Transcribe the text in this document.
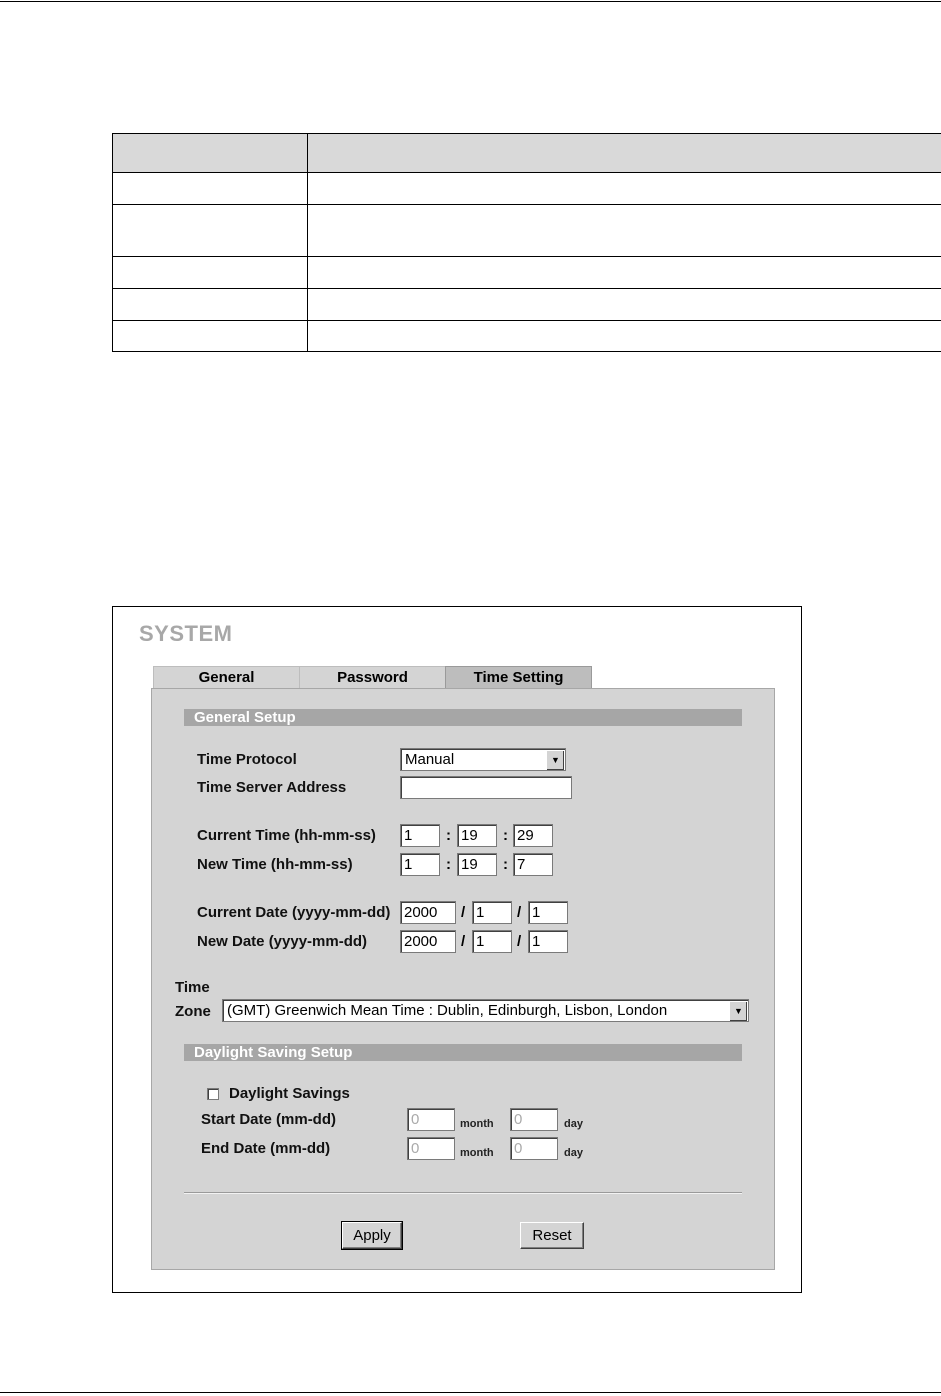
SYSTEM
General	Password	Time Setting
General Setup
Time Protocol	Manual	▼
Time Server Address
Current Time (hh-mm-ss) 1	: 19	: 29
New Time (hh-mm-ss)	1	: 19	: 7
Current Date (yyyy-mm-dd) 2000	/ 1	/ 1
New Date (yyyy-mm-dd) 2000	/ 1	/ 1
Time
Zone	(GMT) Greenwich Mean Time : Dublin, Edinburgh, Lisbon, London	▼
Daylight Saving Setup
Daylight Savings
Start Date (mm-dd)	0	month 0	day
End Date (mm-dd)	0	month 0	day
Apply	Reset
